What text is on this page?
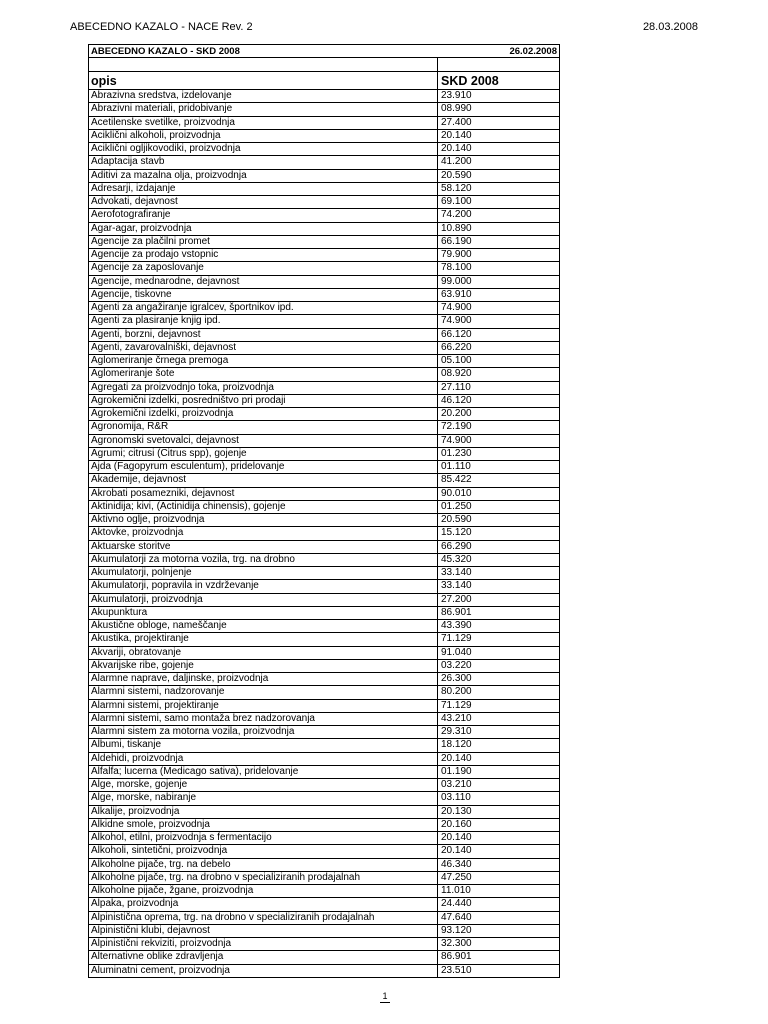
ABECEDNO KAZALO - NACE Rev. 2	28.03.2008
ABECEDNO KAZALO - SKD 2008	26.02.2008
opis	SKD 2008
Abrazivna sredstva, izdelovanje	23.910
Abrazivni materiali, pridobivanje	08.990
Acetilenske svetilke, proizvodnja	27.400
Aciklični alkoholi, proizvodnja	20.140
Aciklični ogljikovodiki, proizvodnja	20.140
Adaptacija stavb	41.200
Aditivi za mazalna olja, proizvodnja	20.590
Adresarji, izdajanje	58.120
Advokati, dejavnost	69.100
Aerofotografiranje	74.200
Agar-agar, proizvodnja	10.890
Agencije za plačilni promet	66.190
Agencije za prodajo vstopnic	79.900
Agencije za zaposlovanje	78.100
Agencije, mednarodne, dejavnost	99.000
Agencije, tiskovne	63.910
Agenti za angažiranje igralcev, športnikov ipd.	74.900
Agenti za plasiranje knjig ipd.	74.900
Agenti, borzni, dejavnost	66.120
Agenti, zavarovalniški, dejavnost	66.220
Aglomeriranje črnega premoga	05.100
Aglomeriranje šote	08.920
Agregati za proizvodnjo toka, proizvodnja	27.110
Agrokemični izdelki, posredništvo pri prodaji	46.120
Agrokemični izdelki, proizvodnja	20.200
Agronomija, R&R	72.190
Agronomski svetovalci, dejavnost	74.900
Agrumi; citrusi (Citrus spp), gojenje	01.230
Ajda (Fagopyrum esculentum), pridelovanje	01.110
Akademije, dejavnost	85.422
Akrobati posamezniki, dejavnost	90.010
Aktinidija; kivi, (Actinidija chinensis), gojenje	01.250
Aktivno oglje, proizvodnja	20.590
Aktovke, proizvodnja	15.120
Aktuarske storitve	66.290
Akumulatorji za motorna vozila, trg. na drobno	45.320
Akumulatorji, polnjenje	33.140
Akumulatorji, popravila in vzdrževanje	33.140
Akumulatorji, proizvodnja	27.200
Akupunktura	86.901
Akustične obloge, nameščanje	43.390
Akustika, projektiranje	71.129
Akvariji, obratovanje	91.040
Akvarijske ribe, gojenje	03.220
Alarmne naprave, daljinske, proizvodnja	26.300
Alarmni sistemi, nadzorovanje	80.200
Alarmni sistemi, projektiranje	71.129
Alarmni sistemi, samo montaža brez nadzorovanja	43.210
Alarmni sistem za motorna vozila, proizvodnja	29.310
Albumi, tiskanje	18.120
Aldehidi, proizvodnja	20.140
Alfalfa; lucerna (Medicago sativa), pridelovanje	01.190
Alge, morske, gojenje	03.210
Alge, morske, nabiranje	03.110
Alkalije, proizvodnja	20.130
Alkidne smole, proizvodnja	20.160
Alkohol, etilni, proizvodnja s fermentacijo	20.140
Alkoholi, sintetični, proizvodnja	20.140
Alkoholne pijače, trg. na debelo	46.340
Alkoholne pijače, trg. na drobno v specializiranih prodajalnah	47.250
Alkoholne pijače, žgane, proizvodnja	11.010
Alpaka, proizvodnja	24.440
Alpinistična oprema, trg. na drobno v specializiranih prodajalnah	47.640
Alpinistični klubi, dejavnost	93.120
Alpinistični rekviziti, proizvodnja	32.300
Alternativne oblike zdravljenja	86.901
Aluminatni cement, proizvodnja	23.510
1
